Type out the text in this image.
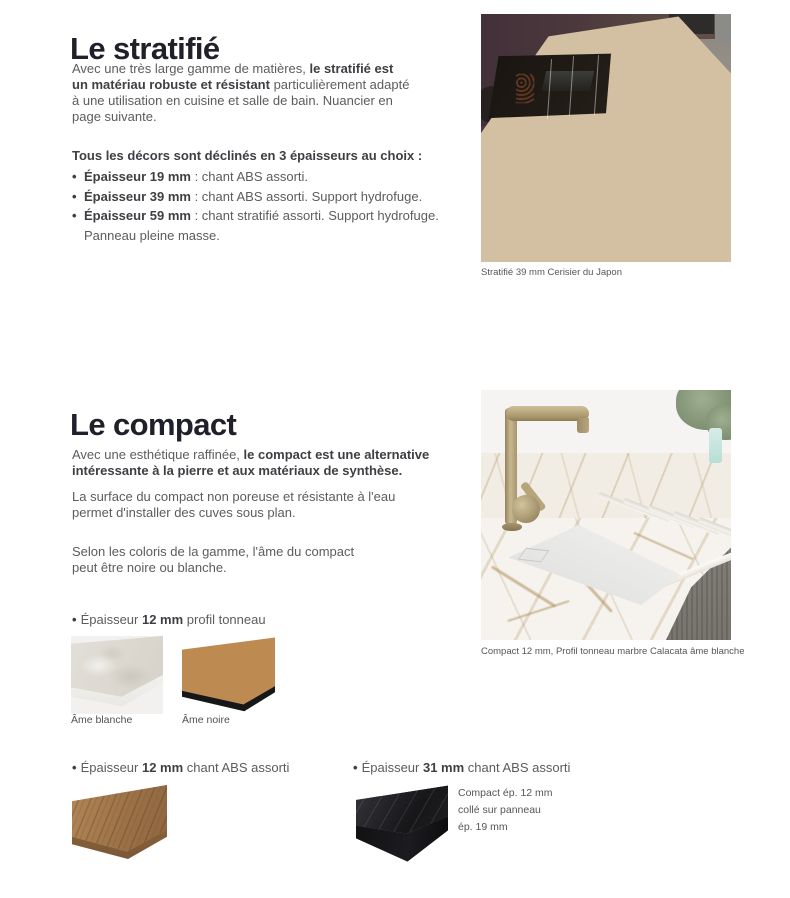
Le stratifié

Avec une très large gamme de matières, le stratifié est un matériau robuste et résistant particulièrement adapté à une utilisation en cuisine et salle de bain. Nuancier en page suivante.

Tous les décors sont déclinés en 3 épaisseurs au choix :
• Épaisseur 19 mm : chant ABS assorti.
• Épaisseur 39 mm : chant ABS assorti. Support hydrofuge.
• Épaisseur 59 mm : chant stratifié assorti. Support hydrofuge. Panneau pleine masse.
Stratifié 39 mm Cerisier du Japon
Le compact

Avec une esthétique raffinée, le compact est une alternative intéressante à la pierre et aux matériaux de synthèse.

La surface du compact non poreuse et résistante à l'eau permet d'installer des cuves sous plan.

Selon les coloris de la gamme, l'âme du compact peut être noire ou blanche.

Compact 12 mm, Profil tonneau marbre Calacata âme blanche
• Épaisseur 12 mm profil tonneau
Âme blanche	Âme noire
• Épaisseur 12 mm chant ABS assorti	• Épaisseur 31 mm chant ABS assorti
Compact ép. 12 mm
collé sur panneau
ép. 19 mm
